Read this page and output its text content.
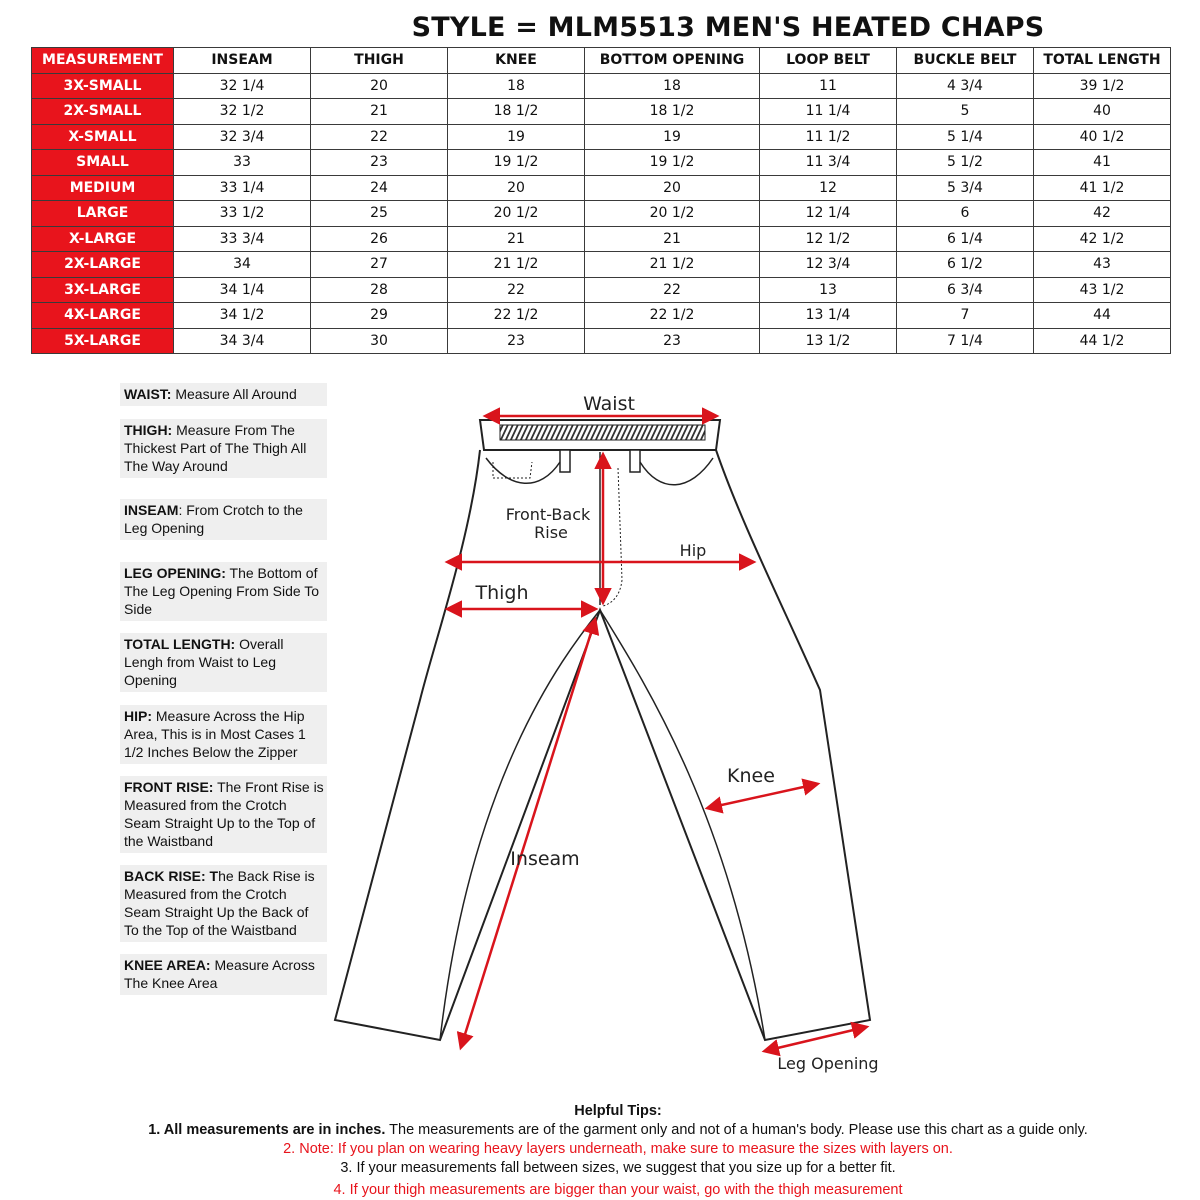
STYLE = MLM5513 MEN'S HEATED CHAPS
MEASUREMENT	INSEAM	THIGH	KNEE	BOTTOM OPENING	LOOP BELT	BUCKLE BELT	TOTAL LENGTH
3X-SMALL	32 1/4	20	18	18	11	4 3/4	39 1/2
2X-SMALL	32 1/2	21	18 1/2	18 1/2	11 1/4	5	40
X-SMALL	32 3/4	22	19	19	11 1/2	5 1/4	40 1/2
SMALL	33	23	19 1/2	19 1/2	11 3/4	5 1/2	41
MEDIUM	33 1/4	24	20	20	12	5 3/4	41 1/2
LARGE	33 1/2	25	20 1/2	20 1/2	12 1/4	6	42
X-LARGE	33 3/4	26	21	21	12 1/2	6 1/4	42 1/2
2X-LARGE	34	27	21 1/2	21 1/2	12 3/4	6 1/2	43
3X-LARGE	34 1/4	28	22	22	13	6 3/4	43 1/2
4X-LARGE	34 1/2	29	22 1/2	22 1/2	13 1/4	7	44
5X-LARGE	34 3/4	30	23	23	13 1/2	7 1/4	44 1/2
WAIST: Measure All Around
THIGH: Measure From The Thickest Part of The Thigh All The Way Around
INSEAM: From Crotch to the Leg Opening
LEG OPENING: The Bottom of The Leg Opening From Side To Side
TOTAL LENGTH: Overall Lengh from Waist to Leg Opening
HIP: Measure Across the Hip Area, This is in Most Cases 1 1/2 Inches Below the Zipper
FRONT RISE: The Front Rise is Measured from the Crotch Seam Straight Up to the Top of the Waistband
BACK RISE: The Back Rise is Measured from the Crotch Seam Straight Up the Back of To the Top of the Waistband
KNEE AREA: Measure Across The Knee Area
Waist
Front-Back
Rise
Hip
Thigh
Knee
Inseam
Leg Opening
Helpful Tips:
1. All measurements are in inches. The measurements are of the garment only and not of a human's body. Please use this chart as a guide only.
2. Note: If you plan on wearing heavy layers underneath, make sure to measure the sizes with layers on.
3. If your measurements fall between sizes, we suggest that you size up for a better fit.
4. If your thigh measurements are bigger than your waist, go with the thigh measurement
